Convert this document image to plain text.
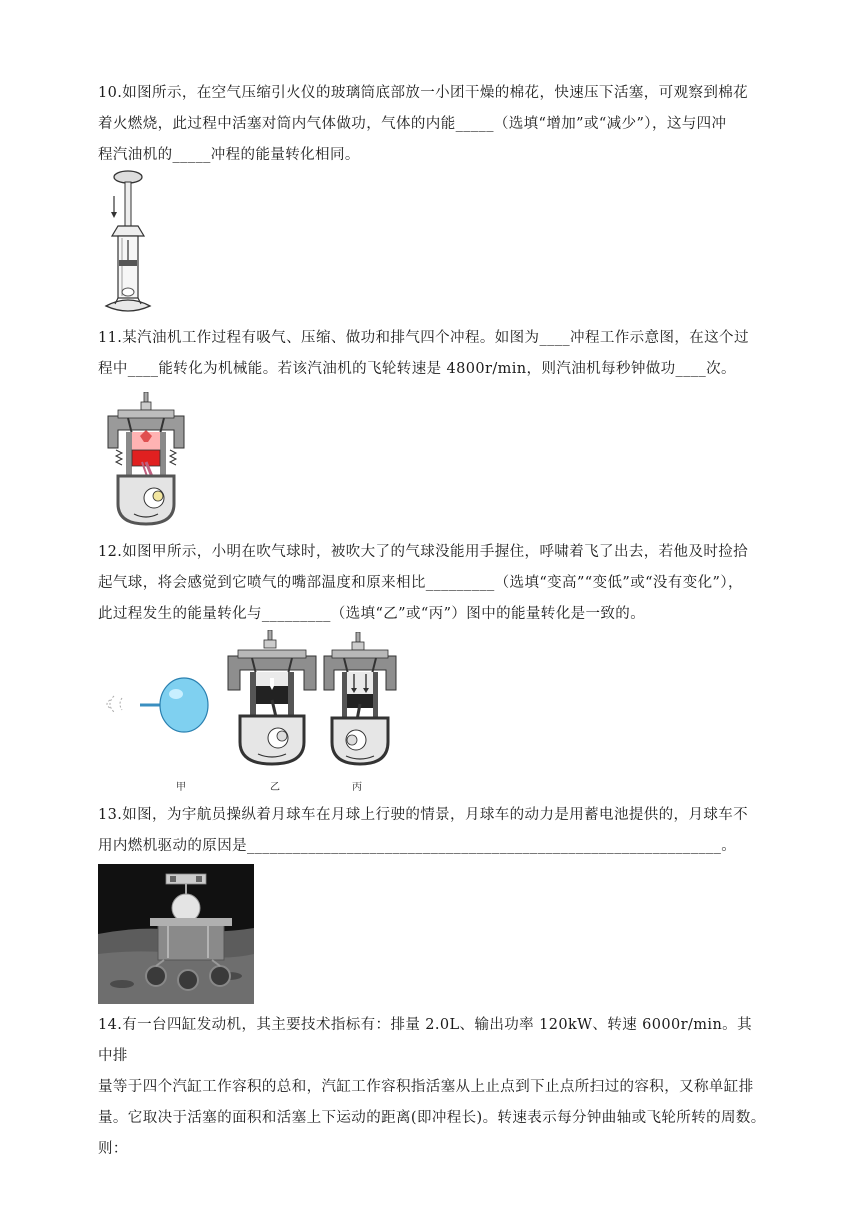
10.如图所示，在空气压缩引火仪的玻璃筒底部放一小团干燥的棉花，快速压下活塞，可观察到棉花

着火燃烧，此过程中活塞对筒内气体做功，气体的内能_____（选填“增加”或“减少”），这与四冲

程汽油机的_____冲程的能量转化相同。

11.某汽油机工作过程有吸气、压缩、做功和排气四个冲程。如图为____冲程工作示意图，在这个过

程中____能转化为机械能。若该汽油机的飞轮转速是 4800r/min，则汽油机每秒钟做功____次。

12.如图甲所示，小明在吹气球时，被吹大了的气球没能用手握住，呼啸着飞了出去，若他及时捡拾

起气球，将会感觉到它喷气的嘴部温度和原来相比_________（选填“变高”“变低”或“没有变化”），

此过程发生的能量转化与_________（选填“乙”或“丙”）图中的能量转化是一致的。

甲	乙	丙

13.如图，为宇航员操纵着月球车在月球上行驶的情景，月球车的动力是用蓄电池提供的，月球车不

用内燃机驱动的原因是______________________________________________________________。

14.有一台四缸发动机，其主要技术指标有：排量 2.0L、输出功率 120kW、转速 6000r/min。其中排

量等于四个汽缸工作容积的总和，汽缸工作容积指活塞从上止点到下止点所扫过的容积，又称单缸排

量。它取决于活塞的面积和活塞上下运动的距离(即冲程长)。转速表示每分钟曲轴或飞轮所转的周数。

则：
